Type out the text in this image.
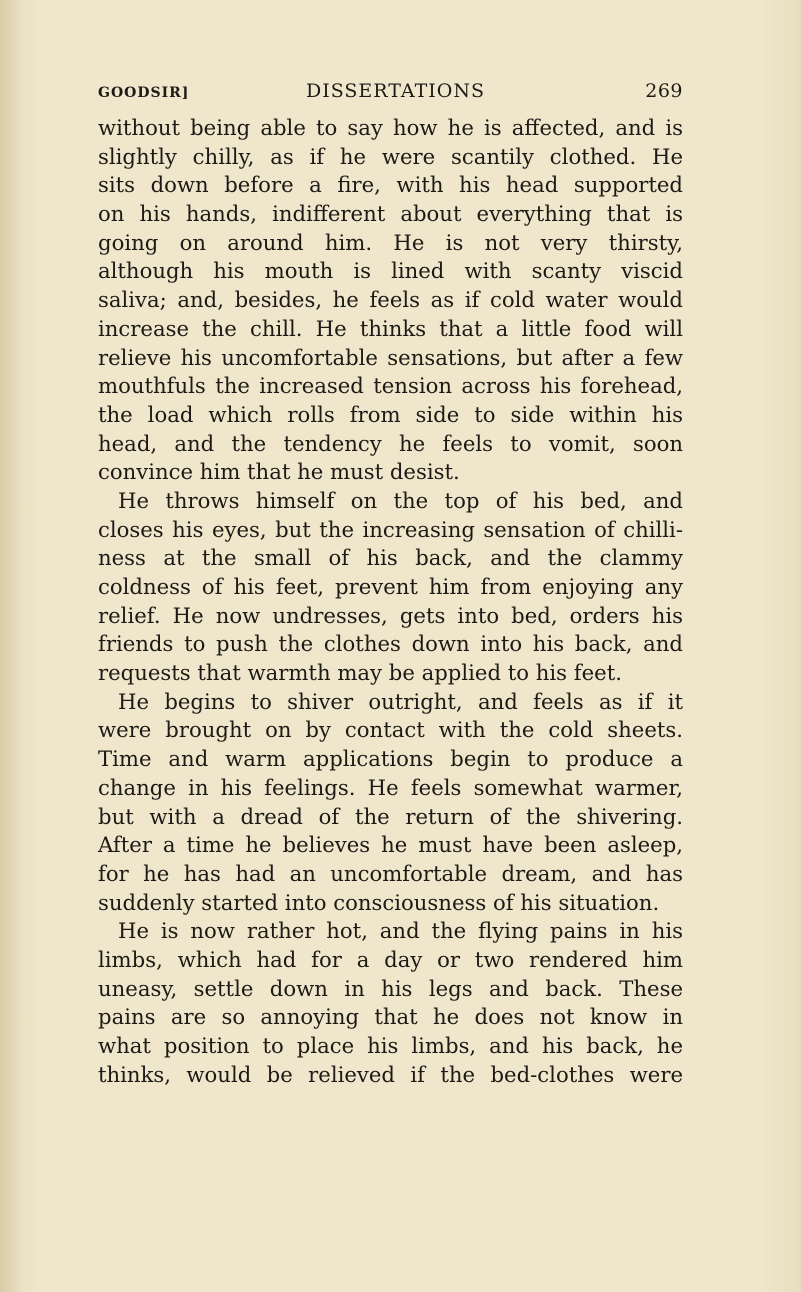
GOODSIR]	DISSERTATIONS	269
without being able to say how he is affected, and is
slightly chilly, as if he were scantily clothed. He
sits down before a fire, with his head supported
on his hands, indifferent about everything that is
going on around him. He is not very thirsty,
although his mouth is lined with scanty viscid
saliva; and, besides, he feels as if cold water would
increase the chill. He thinks that a little food will
relieve his uncomfortable sensations, but after a few
mouthfuls the increased tension across his forehead,
the load which rolls from side to side within his
head, and the tendency he feels to vomit, soon
convince him that he must desist.
He throws himself on the top of his bed, and
closes his eyes, but the increasing sensation of chilli-
ness at the small of his back, and the clammy
coldness of his feet, prevent him from enjoying any
relief. He now undresses, gets into bed, orders his
friends to push the clothes down into his back, and
requests that warmth may be applied to his feet.
He begins to shiver outright, and feels as if it
were brought on by contact with the cold sheets.
Time and warm applications begin to produce a
change in his feelings. He feels somewhat warmer,
but with a dread of the return of the shivering.
After a time he believes he must have been asleep,
for he has had an uncomfortable dream, and has
suddenly started into consciousness of his situation.
He is now rather hot, and the flying pains in his
limbs, which had for a day or two rendered him
uneasy, settle down in his legs and back. These
pains are so annoying that he does not know in
what position to place his limbs, and his back, he
thinks, would be relieved if the bed-clothes were
